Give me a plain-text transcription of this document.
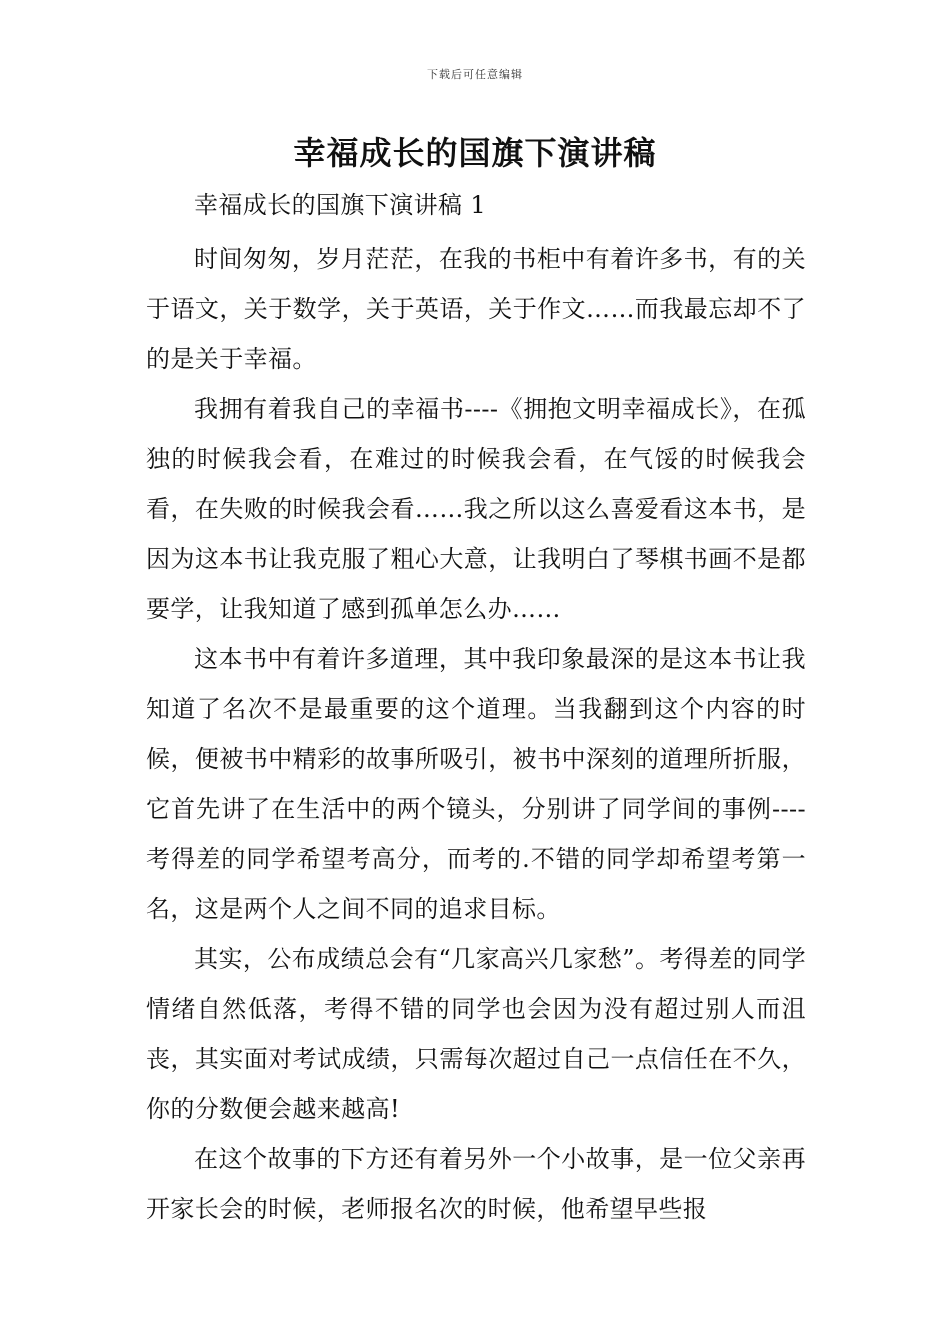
下载后可任意编辑
幸福成长的国旗下演讲稿

幸福成长的国旗下演讲稿 1

时间匆匆，岁月茫茫，在我的书柜中有着许多书，有的关于语文，关于数学，关于英语，关于作文……而我最忘却不了的是关于幸福。

我拥有着我自己的幸福书----《拥抱文明幸福成长》，在孤独的时候我会看，在难过的时候我会看，在气馁的时候我会看，在失败的时候我会看……我之所以这么喜爱看这本书，是因为这本书让我克服了粗心大意，让我明白了琴棋书画不是都要学，让我知道了感到孤单怎么办……

这本书中有着许多道理，其中我印象最深的是这本书让我知道了名次不是最重要的这个道理。当我翻到这个内容的时候，便被书中精彩的故事所吸引，被书中深刻的道理所折服，它首先讲了在生活中的两个镜头，分别讲了同学间的事例----考得差的同学希望考高分，而考的.不错的同学却希望考第一名，这是两个人之间不同的追求目标。

其实，公布成绩总会有“几家高兴几家愁”。考得差的同学情绪自然低落，考得不错的同学也会因为没有超过别人而沮丧，其实面对考试成绩，只需每次超过自己一点信任在不久，你的分数便会越来越高!

在这个故事的下方还有着另外一个小故事，是一位父亲再开家长会的时候，老师报名次的时候，他希望早些报
